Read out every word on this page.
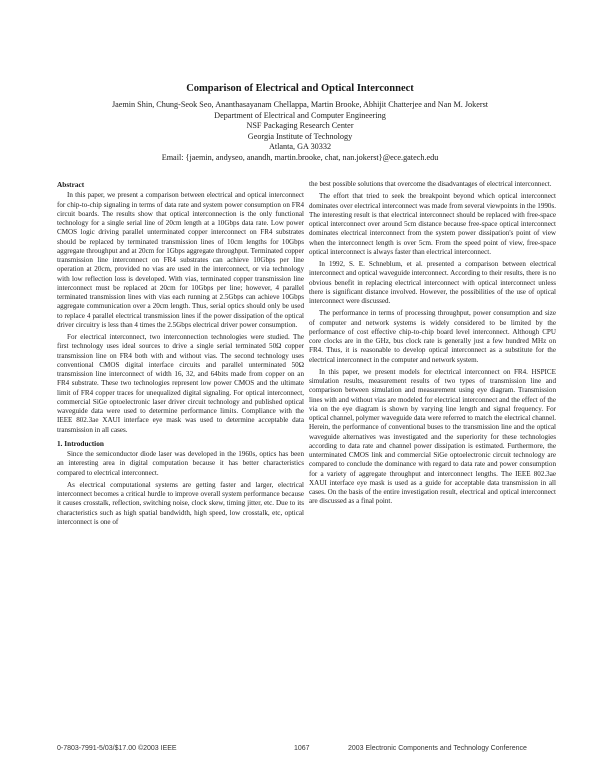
Comparison of Electrical and Optical Interconnect
Jaemin Shin, Chung-Seok Seo, Ananthasayanam Chellappa, Martin Brooke, Abhijit Chatterjee and Nan M. Jokerst
Department of Electrical and Computer Engineering
NSF Packaging Research Center
Georgia Institute of Technology
Atlanta, GA 30332
Email: {jaemin, andyseo, anandh, martin.brooke, chat, nan.jokerst}@ece.gatech.edu
Abstract

In this paper, we present a comparison between electrical and optical interconnect for chip-to-chip signaling in terms of data rate and system power consumption on FR4 circuit boards. The results show that optical interconnection is the only functional technology for a single serial line of 20cm length at a 10Gbps data rate. Low power CMOS logic driving parallel unterminated copper interconnect on FR4 substrates should be replaced by terminated transmission lines of 10cm lengths for 10Gbps aggregate throughput and at 20cm for 1Gbps aggregate throughput. Terminated copper transmission line interconnect on FR4 substrates can achieve 10Gbps per line operation at 20cm, provided no vias are used in the interconnect, or via technology with low reflection loss is developed. With vias, terminated copper transmission line interconnect must be replaced at 20cm for 10Gbps per line; however, 4 parallel terminated transmission lines with vias each running at 2.5Gbps can achieve 10Gbps aggregate communication over a 20cm length. Thus, serial optics should only be used to replace 4 parallel electrical transmission lines if the power dissipation of the optical driver circuitry is less than 4 times the 2.5Gbps electrical driver power consumption.

For electrical interconnect, two interconnection technologies were studied. The first technology uses ideal sources to drive a single serial terminated 50Ω copper transmission line on FR4 both with and without vias. The second technology uses conventional CMOS digital interface circuits and parallel unterminated 50Ω transmission line interconnect of width 16, 32, and 64bits made from copper on an FR4 substrate. These two technologies represent low power CMOS and the ultimate limit of FR4 copper traces for unequalized digital signaling. For optical interconnect, commercial SiGe optoelectronic laser driver circuit technology and published optical waveguide data were used to determine performance limits. Compliance with the IEEE 802.3ae XAUI interface eye mask was used to determine acceptable data transmission in all cases.

1. Introduction

Since the semiconductor diode laser was developed in the 1960s, optics has been an interesting area in digital computation because it has better characteristics compared to electrical interconnect.

As electrical computational systems are getting faster and larger, electrical interconnect becomes a critical hurdle to improve overall system performance because it causes crosstalk, reflection, switching noise, clock skew, timing jitter, etc. Due to its characteristics such as high spatial bandwidth, high speed, low crosstalk, etc, optical interconnect is one of

the best possible solutions that overcome the disadvantages of electrical interconnect.

The effort that tried to seek the breakpoint beyond which optical interconnect dominates over electrical interconnect was made from several viewpoints in the 1990s. The interesting result is that electrical interconnect should be replaced with free-space optical interconnect over around 5cm distance because free-space optical interconnect dominates electrical interconnect from the system power dissipation's point of view when the interconnect length is over 5cm. From the speed point of view, free-space optical interconnect is always faster than electrical interconnect.

In 1992, S. E. Schneblum, et al. presented a comparison between electrical interconnect and optical waveguide interconnect. According to their results, there is no obvious benefit in replacing electrical interconnect with optical interconnect unless there is significant distance involved. However, the possibilities of the use of optical interconnect were discussed.

The performance in terms of processing throughput, power consumption and size of computer and network systems is widely considered to be limited by the performance of cost effective chip-to-chip board level interconnect. Although CPU core clocks are in the GHz, bus clock rate is generally just a few hundred MHz on FR4. Thus, it is reasonable to develop optical interconnect as a substitute for the electrical interconnect in the computer and network system.

In this paper, we present models for electrical interconnect on FR4. HSPICE simulation results, measurement results of two types of transmission line and comparison between simulation and measurement using eye diagram. Transmission lines with and without vias are modeled for electrical interconnect and the effect of the via on the eye diagram is shown by varying line length and signal frequency. For optical channel, polymer waveguide data were referred to match the electrical channel. Herein, the performance of conventional buses to the transmission line and the optical waveguide alternatives was investigated and the superiority for these technologies according to data rate and channel power dissipation is estimated. Furthermore, the unterminated CMOS link and commercial SiGe optoelectronic circuit technology are compared to conclude the dominance with regard to data rate and power consumption for a variety of aggregate throughput and interconnect lengths. The IEEE 802.3ae XAUI interface eye mask is used as a guide for acceptable data transmission in all cases. On the basis of the entire investigation result, electrical and optical interconnect are discussed as a final point.

0-7803-7991-5/03/$17.00 ©2003 IEEE	1067	2003 Electronic Components and Technology Conference
